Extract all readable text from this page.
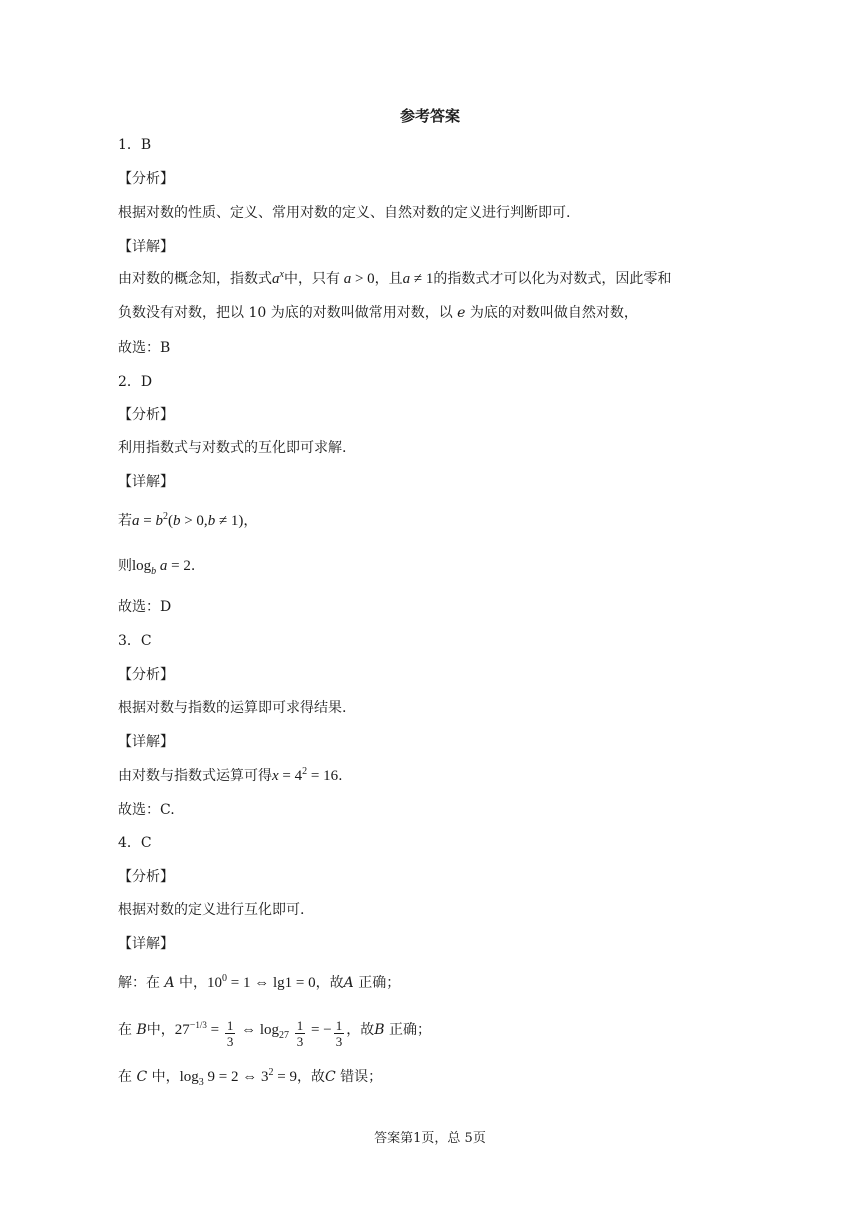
参考答案
1．B
【分析】
根据对数的性质、定义、常用对数的定义、自然对数的定义进行判断即可.
【详解】
由对数的概念知，指数式$a^x$中，只有 a > 0，且a ≠ 1的指数式才可以化为对数式，因此零和
负数没有对数，把以 10 为底的对数叫做常用对数，以 e 为底的对数叫做自然对数，
故选：B
2．D
【分析】
利用指数式与对数式的互化即可求解.
【详解】
若$a = b^2(b > 0,b \ne 1)$，
则$\log_b a = 2$.
故选：D
3．C
【分析】
根据对数与指数的运算即可求得结果.
【详解】
由对数与指数式运算可得$x = 4^2 = 16$.
故选：C.
4．C
【分析】
根据对数的定义进行互化即可.
【详解】
解：在 A 中，$10^0 = 1$ ⇔ lg1 = 0，故A 正确；
在 B中，$27^{-1/3} = \frac{1}{3}$ ⇔ $\log_{27} \frac{1}{3}$ = − $\frac{1}{3}$ ，故B 正确；
在 C 中，$\log_3 9 = 2$ ⇔ $3^2 = 9$，故C 错误；
答案第1页，总 5页
